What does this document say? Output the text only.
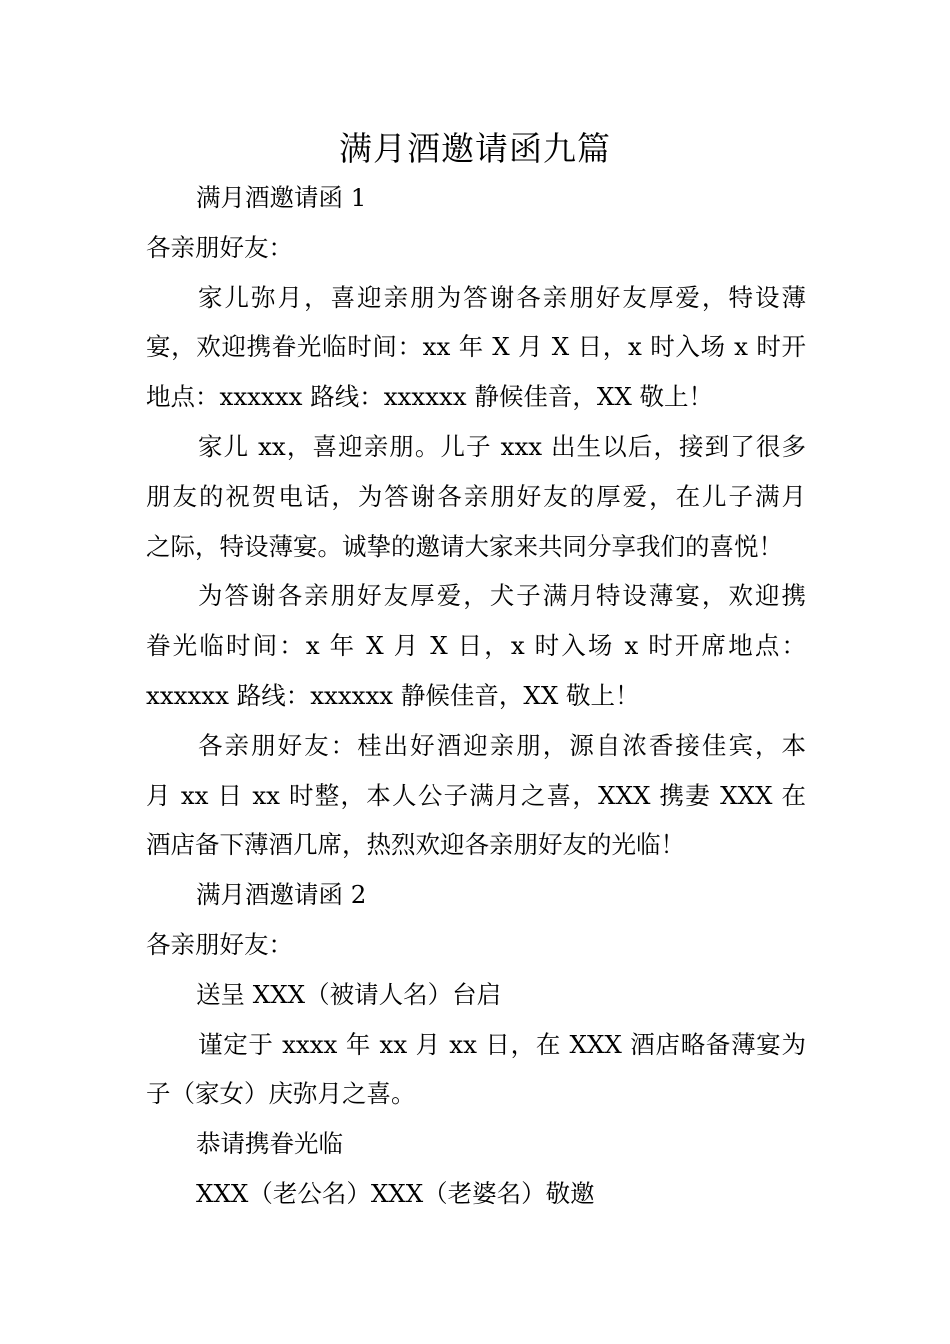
满月酒邀请函九篇
满月酒邀请函 1
各亲朋好友：
家儿弥月，喜迎亲朋为答谢各亲朋好友厚爱，特设薄
宴，欢迎携眷光临时间：xx 年 X 月 X 日，x 时入场 x 时开
地点：xxxxxx 路线：xxxxxx 静候佳音，XX 敬上！
家儿 xx，喜迎亲朋。儿子 xxx 出生以后，接到了很多
朋友的祝贺电话，为答谢各亲朋好友的厚爱，在儿子满月
之际，特设薄宴。诚挚的邀请大家来共同分享我们的喜悦！
为答谢各亲朋好友厚爱，犬子满月特设薄宴，欢迎携
眷光临时间：x 年 X 月 X 日，x 时入场 x 时开席地点：
xxxxxx 路线：xxxxxx 静候佳音，XX 敬上！
各亲朋好友：桂出好酒迎亲朋，源自浓香接佳宾，本
月 xx 日 xx 时整，本人公子满月之喜，XXX 携妻 XXX 在
酒店备下薄酒几席，热烈欢迎各亲朋好友的光临！
满月酒邀请函 2
各亲朋好友：
送呈 XXX（被请人名）台启
谨定于 xxxx 年 xx 月 xx 日，在 XXX 酒店略备薄宴为
子（家女）庆弥月之喜。
恭请携眷光临
XXX（老公名）XXX（老婆名）敬邀
